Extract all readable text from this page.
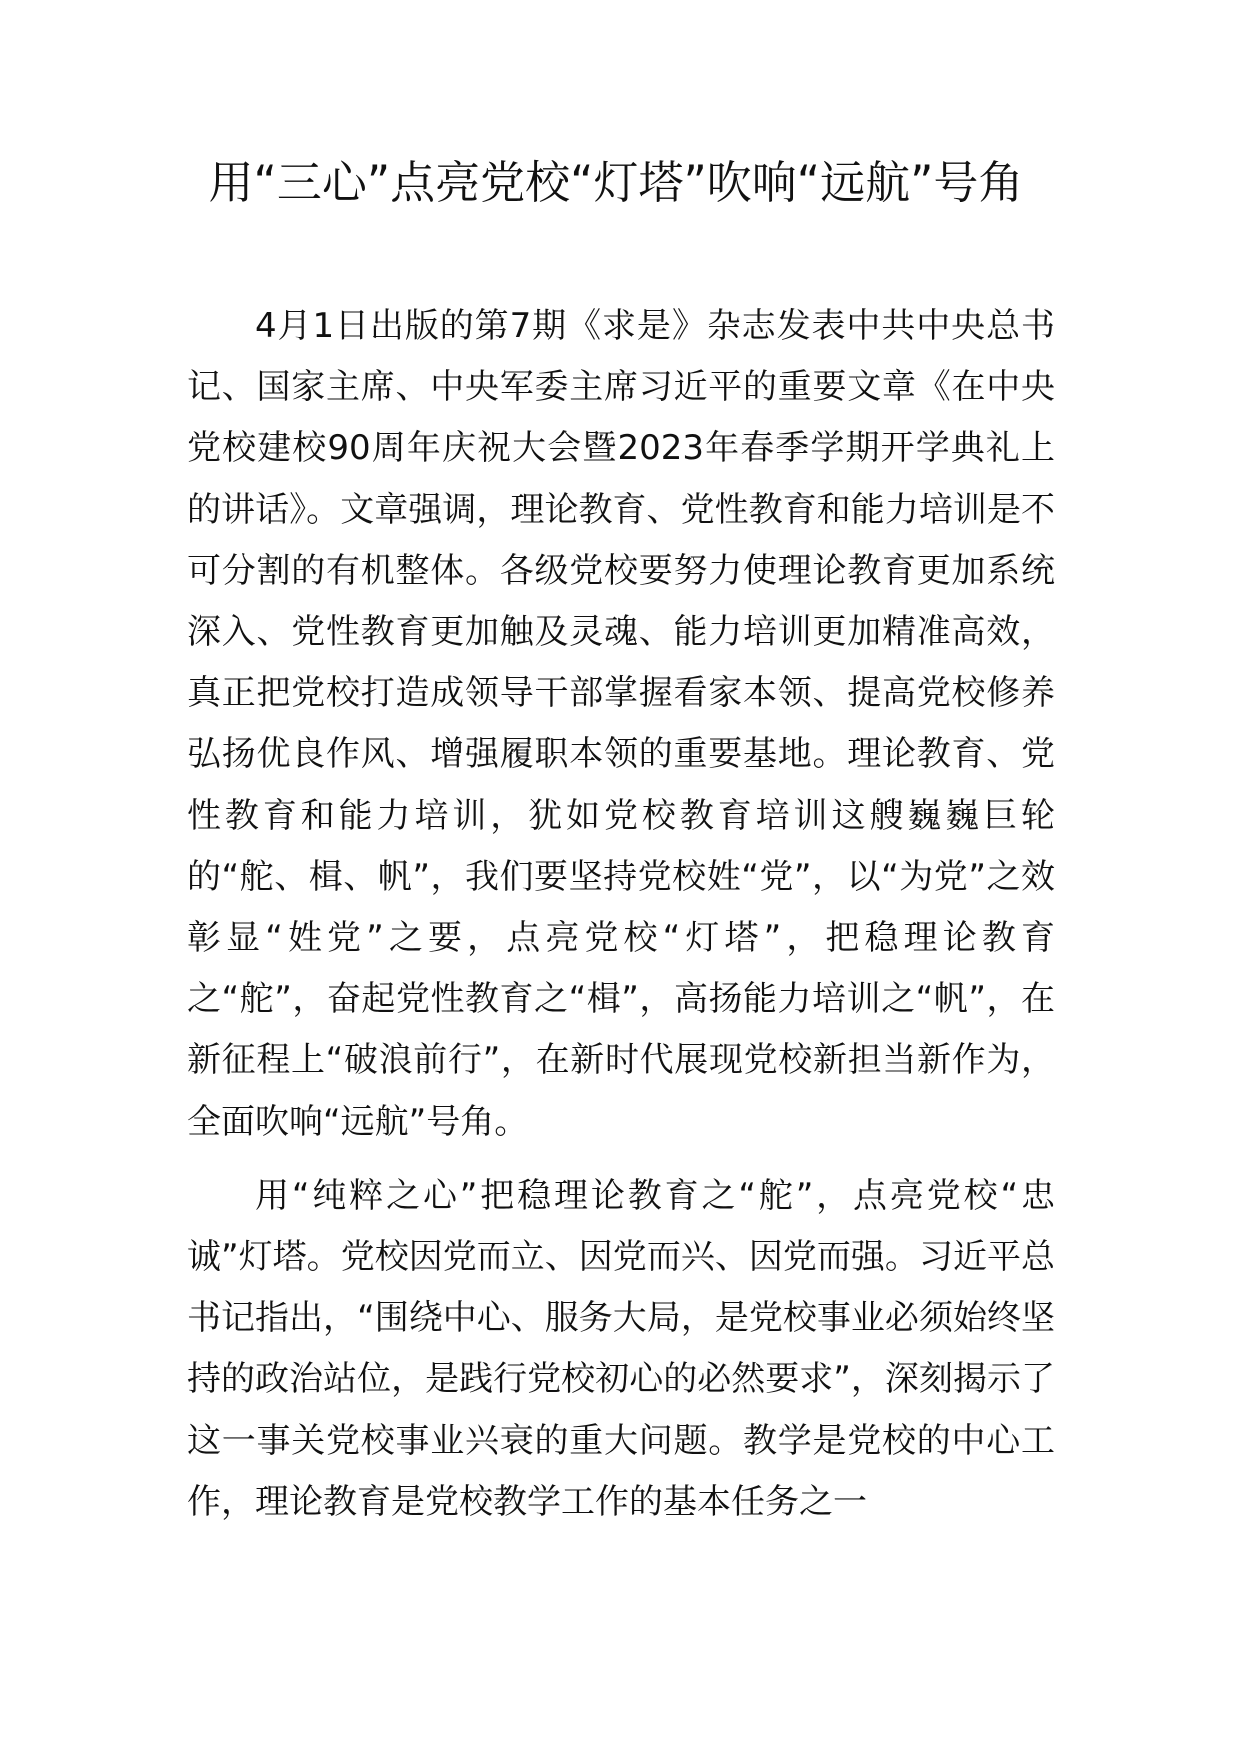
用“三心”点亮党校“灯塔”吹响“远航”号角

4月1日出版的第7期《求是》杂志发表中共中央总书记、国家主席、中央军委主席习近平的重要文章《在中央党校建校90周年庆祝大会暨2023年春季学期开学典礼上的讲话》。文章强调，理论教育、党性教育和能力培训是不可分割的有机整体。各级党校要努力使理论教育更加系统深入、党性教育更加触及灵魂、能力培训更加精准高效，真正把党校打造成领导干部掌握看家本领、提高党校修养弘扬优良作风、增强履职本领的重要基地。理论教育、党性教育和能力培训，犹如党校教育培训这艘巍巍巨轮的“舵、楫、帆”，我们要坚持党校姓“党”，以“为党”之效彰显“姓党”之要，点亮党校“灯塔”，把稳理论教育之“舵”，奋起党性教育之“楫”，高扬能力培训之“帆”，在新征程上“破浪前行”，在新时代展现党校新担当新作为，全面吹响“远航”号角。

用“纯粹之心”把稳理论教育之“舵”，点亮党校“忠诚”灯塔。党校因党而立、因党而兴、因党而强。习近平总书记指出，“围绕中心、服务大局，是党校事业必须始终坚持的政治站位，是践行党校初心的必然要求”，深刻揭示了这一事关党校事业兴衰的重大问题。教学是党校的中心工作，理论教育是党校教学工作的基本任务之一
